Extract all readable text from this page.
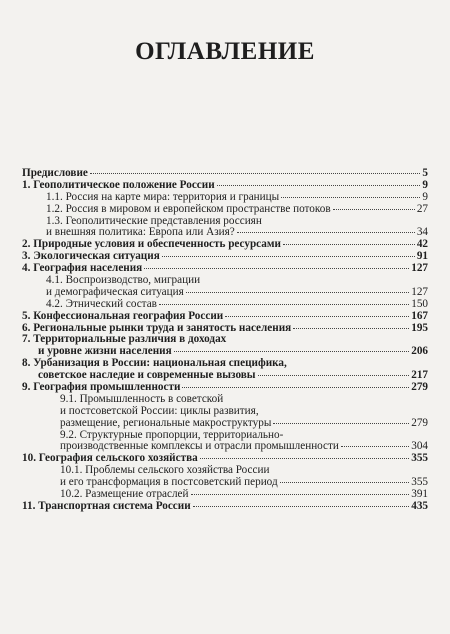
ОГЛАВЛЕНИЕ
Предисловие	5
1. Геополитическое положение России	9
1.1. Россия на карте мира: территория и границы	9
1.2. Россия в мировом и европейском пространстве потоков	27
1.3. Геополитические представления россиян
и внешняя политика: Европа или Азия?	34
2. Природные условия и обеспеченность ресурсами	42
3. Экологическая ситуация	91
4. География населения	127
4.1. Воспроизводство, миграции
и демографическая ситуация	127
4.2. Этнический состав	150
5. Конфессиональная география России	167
6. Региональные рынки труда и занятость населения	195
7. Территориальные различия в доходах
и уровне жизни населения	206
8. Урбанизация в России: национальная специфика,
советское наследие и современные вызовы	217
9. География промышленности	279
9.1. Промышленность в советской
и постсоветской России: циклы развития,
размещение, региональные макроструктуры	279
9.2. Структурные пропорции, территориально-
производственные комплексы и отрасли промышленности	304
10. География сельского хозяйства	355
10.1. Проблемы сельского хозяйства России
и его трансформация в постсоветский период	355
10.2. Размещение отраслей	391
11. Транспортная система России	435
